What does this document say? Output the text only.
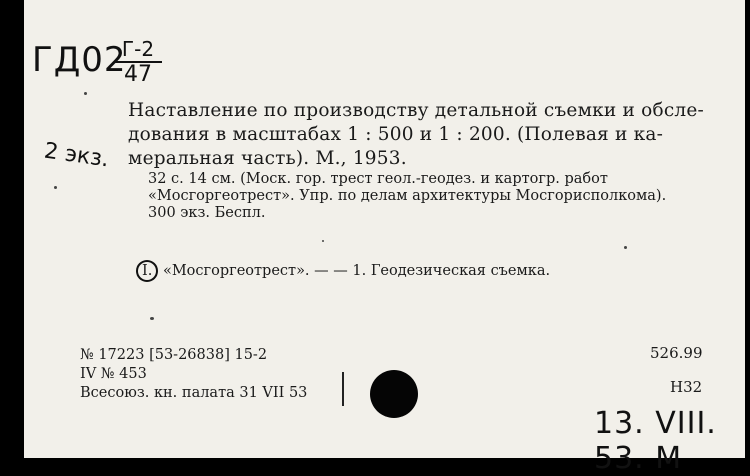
ГД02
Г-2
47
2 экз.
Наставление по производству детальной съемки и обсле-
дования в масштабах 1 : 500 и 1 : 200. (Полевая и ка-
меральная часть). М., 1953.
32 с. 14 см. (Моск. гор. трест геол.-геодез. и картогр. работ
«Мосгоргеотрест». Упр. по делам архитектуры Мосгорисполкома).
300 экз. Беспл.
I. «Мосгоргеотрест». — — 1. Геодезическая съемка.
№ 17223 [53-26838] 15-2
IV № 453
Всесоюз. кн. палата 31 VII 53
526.99
Н32
13. VIII. 53. М
